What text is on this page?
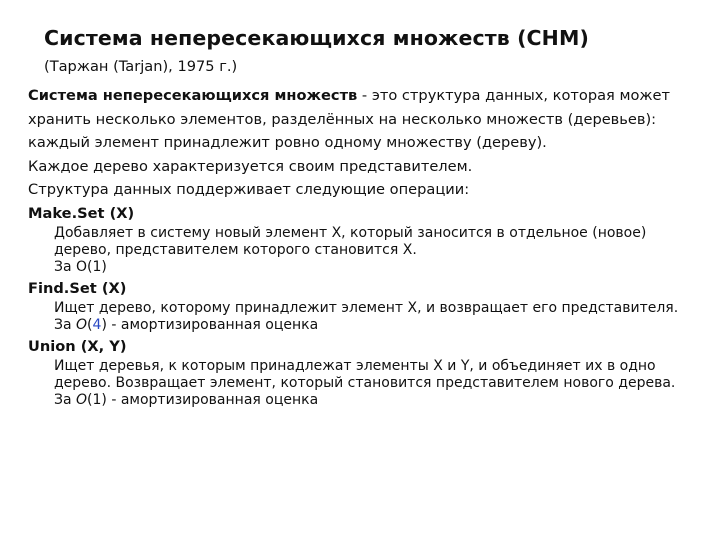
Система непересекающихся множеств (СНМ)
(Таржан (Tarjan), 1975 г.)

Система непересекающихся множеств - это структура данных, которая может хранить несколько элементов, разделённых на несколько множеств (деревьев): каждый элемент принадлежит ровно одному множеству (дереву).

Каждое дерево характеризуется своим представителем.

Структура данных поддерживает следующие операции:

Make.Set (X)

Добавляет в систему новый элемент X, который заносится в отдельное (новое) дерево, представителем которого становится X.

За O(1)

Find.Set (X)

Ищет дерево, которому принадлежит элемент X, и возвращает его представителя.

За O(4) - амортизированная оценка

Union (X, Y)

Ищет деревья, к которым принадлежат элементы X и Y, и объединяет их в одно дерево. Возвращает элемент, который становится представителем нового дерева.

За O(1) - амортизированная оценка
